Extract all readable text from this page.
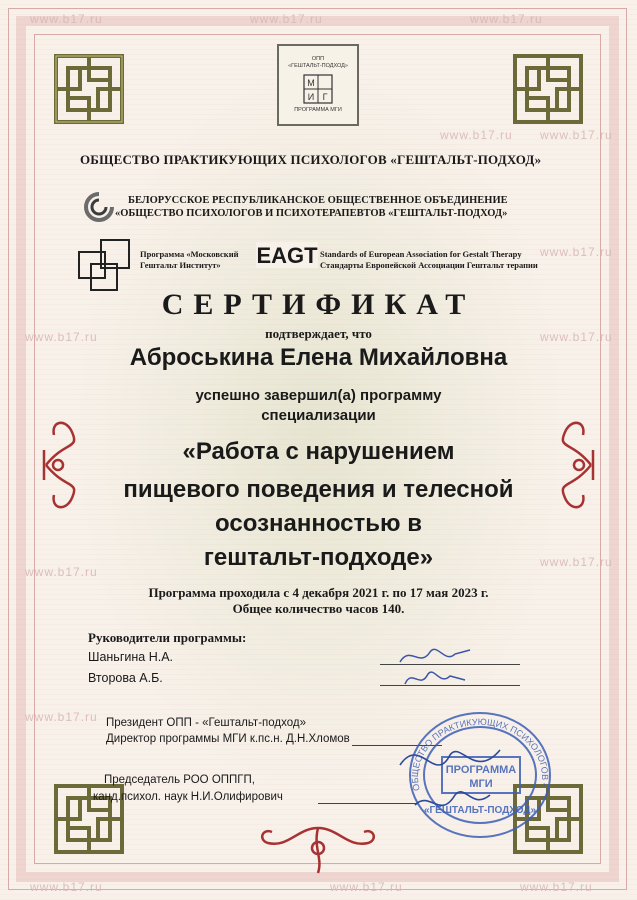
www.b17.ru	www.b17.ru	www.b17.ru
www.b17.ru www.b17.ru
www.b17.ru
www.b17.ru	www.b17.ru
www.b17.ru
www.b17.ru
www.b17.ru
www.b17.ru	www.b17.ru	www.b17.ru
ОПП
«ГЕШТАЛЬТ-ПОДХОД»
М
Г
И
ПРОГРАММА МГИ
ОБЩЕСТВО ПРАКТИКУЮЩИХ ПСИХОЛОГОВ «ГЕШТАЛЬТ-ПОДХОД»
БЕЛОРУССКОЕ РЕСПУБЛИКАНСКОЕ ОБЩЕСТВЕННОЕ ОБЪЕДИНЕНИЕ
«ОБЩЕСТВО ПСИХОЛОГОВ И ПСИХОТЕРАПЕВТОВ «ГЕШТАЛЬТ-ПОДХОД»
Программа «Московский
Гештальт Институт»	EAGT Standards of European Association for Gestalt Therapy
Стандарты Европейской Ассоциации Гештальт терапии
СЕРТИФИКАТ
подтверждает, что
Аброськина Елена Михайловна
успешно завершил(а) программу
специализации
«Работа с нарушением
пищевого поведения и телесной
осознанностью в
гештальт-подходе»
Программа проходила с 4 декабря 2021 г. по 17 мая 2023 г.
Общее количество часов 140.
Руководители программы:
Шаньгина Н.А.
Второва А.Б.
Президент ОПП - «Гештальт-подход»
Директор программы МГИ к.пс.н. Д.Н.Хломов
Председатель РОО ОППГП,
канд.психол. наук Н.И.Олифирович
ОБЩЕСТВО ПРАКТИКУЮЩИХ ПСИХОЛОГОВ •
ПРОГРАММА
МГИ
«ГЕШТАЛЬТ-ПОДХОД»
